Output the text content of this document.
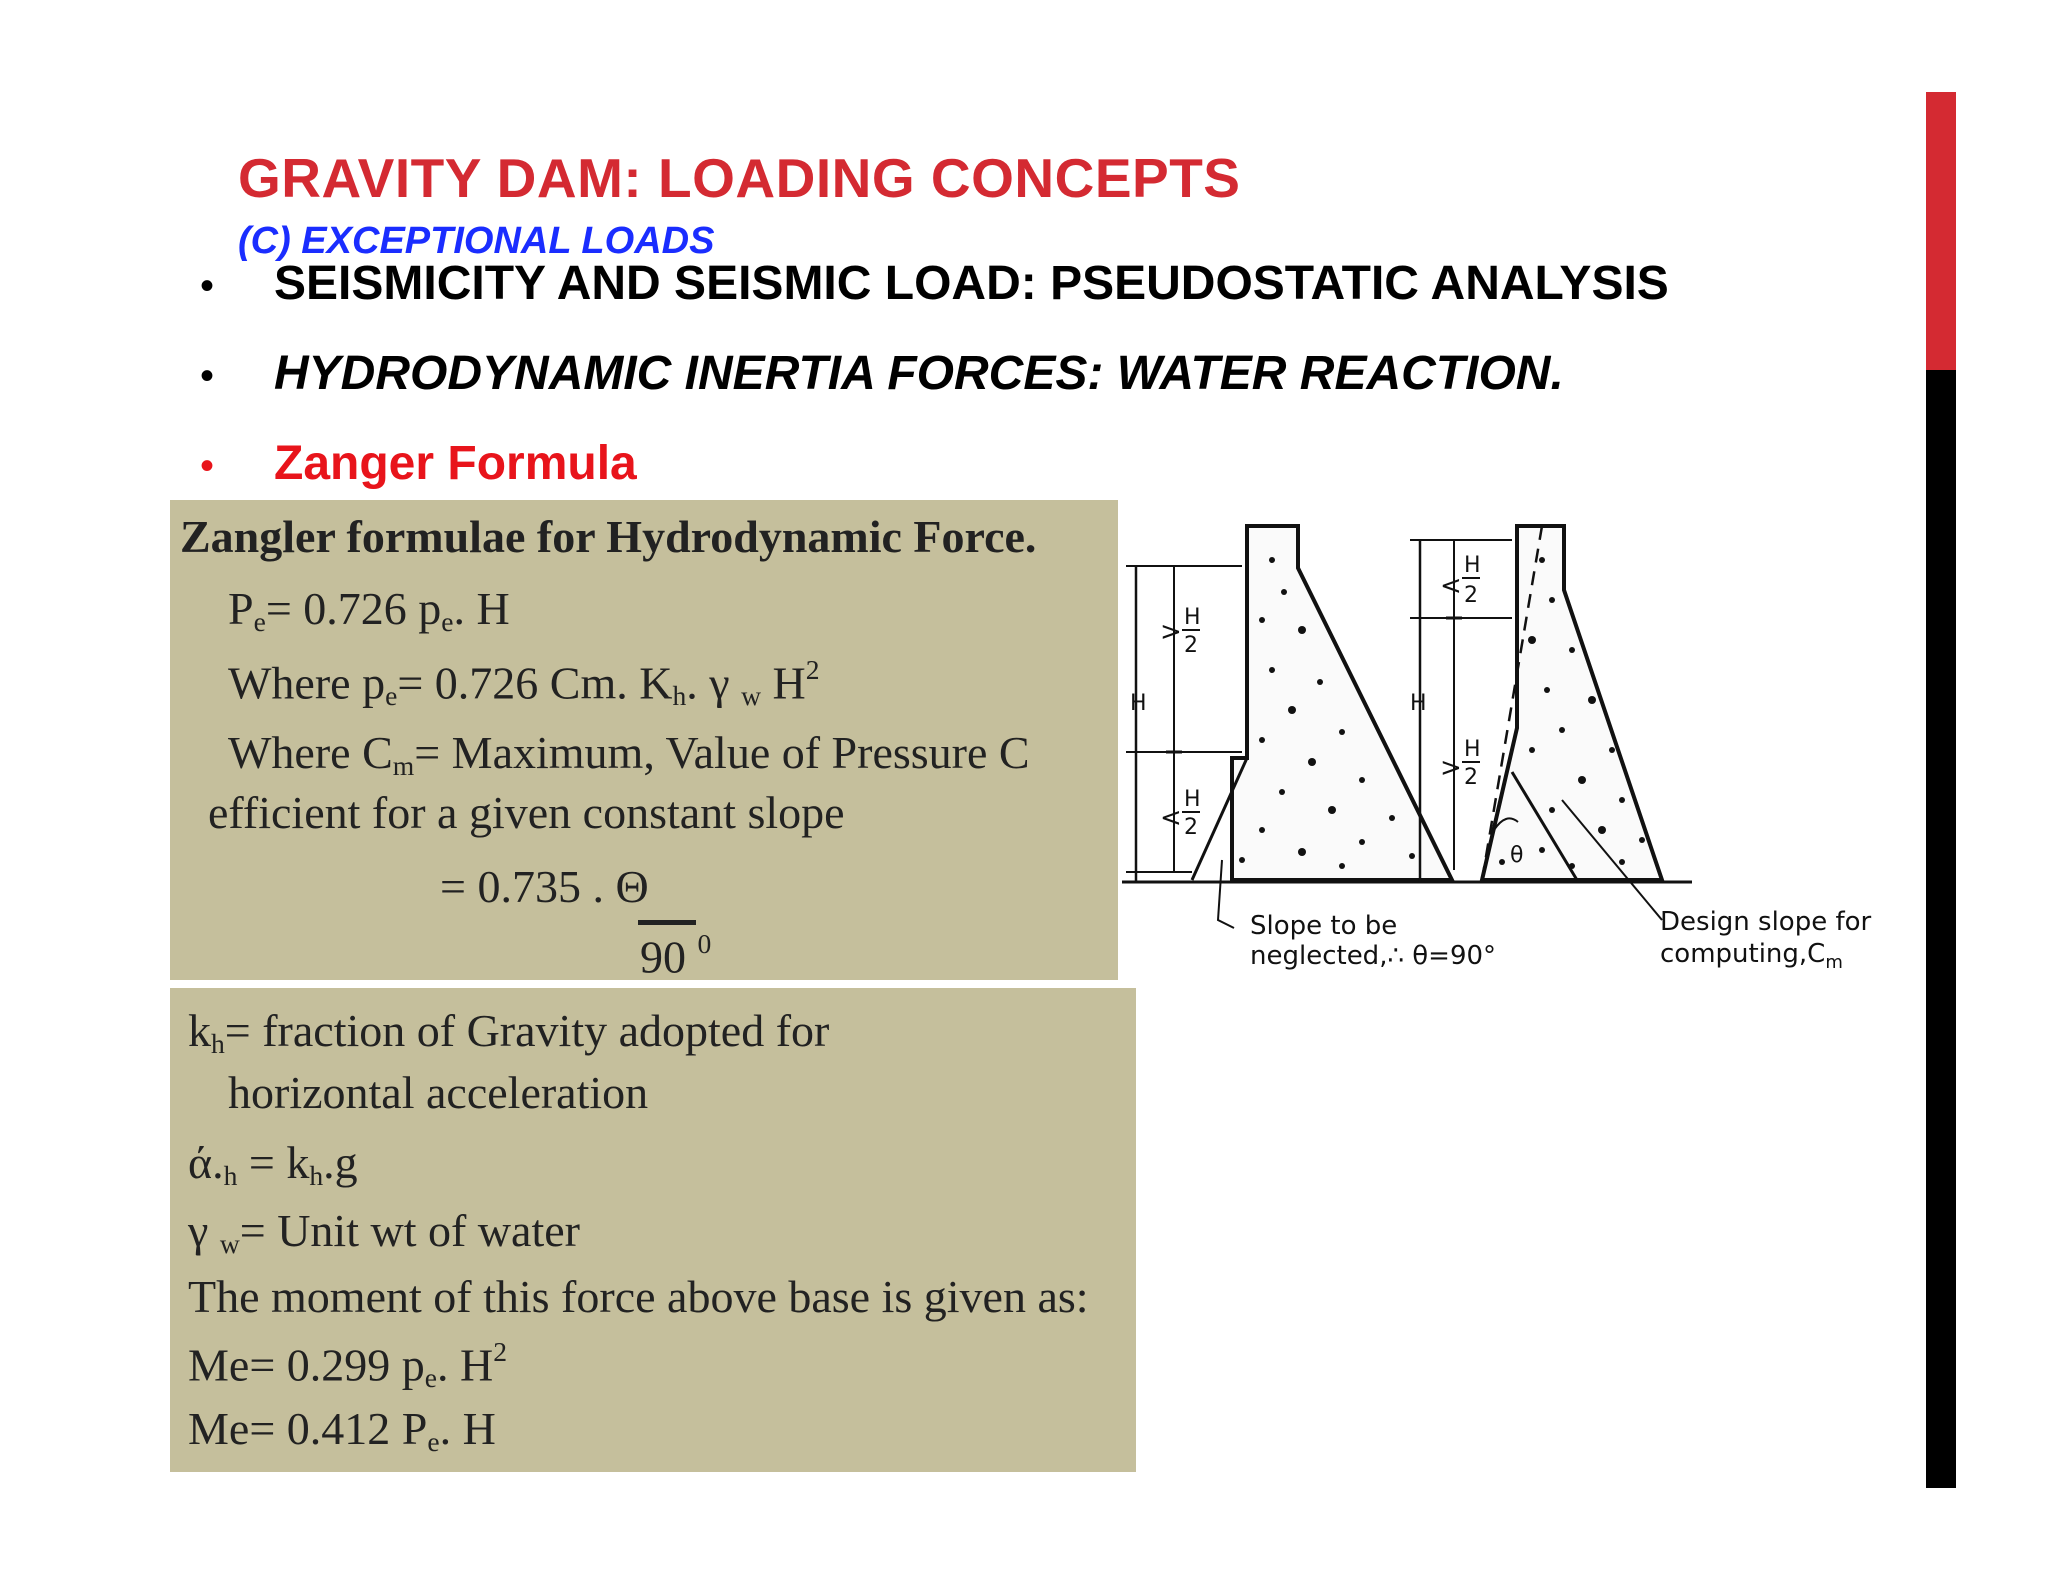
GRAVITY DAM: LOADING CONCEPTS
(C) EXCEPTIONAL LOADS
• SEISMICITY AND SEISMIC LOAD: PSEUDOSTATIC ANALYSIS
• HYDRODYNAMIC INERTIA FORCES: WATER REACTION.
• Zanger Formula
Zangler formulae for Hydrodynamic Force.
$P_e= 0.726$ $p_e$. H
Where $p_e= 0.726$ Cm. $K_h$. γ $_w$ $H^2$
Where $C_m=$ Maximum, Value of Pressure C
efficient for a given constant slope
= 0.735 . Θ
90 $^0$
> H
2
H
<
H
2
Slope to be
neglected,∴ θ=90°
<
H
2
H
>
H
2
θ
Design slope for
$computing,C_m$
$k_h=$ fraction of Gravity adopted for
horizontal acceleration
$ά._h = k_h.g$
γ $_w$= Unit wt of water
The moment of this force above base is given as:
Me= 0.299 $p_e$. $H^2$
Me= 0.412 $P_e$. H
